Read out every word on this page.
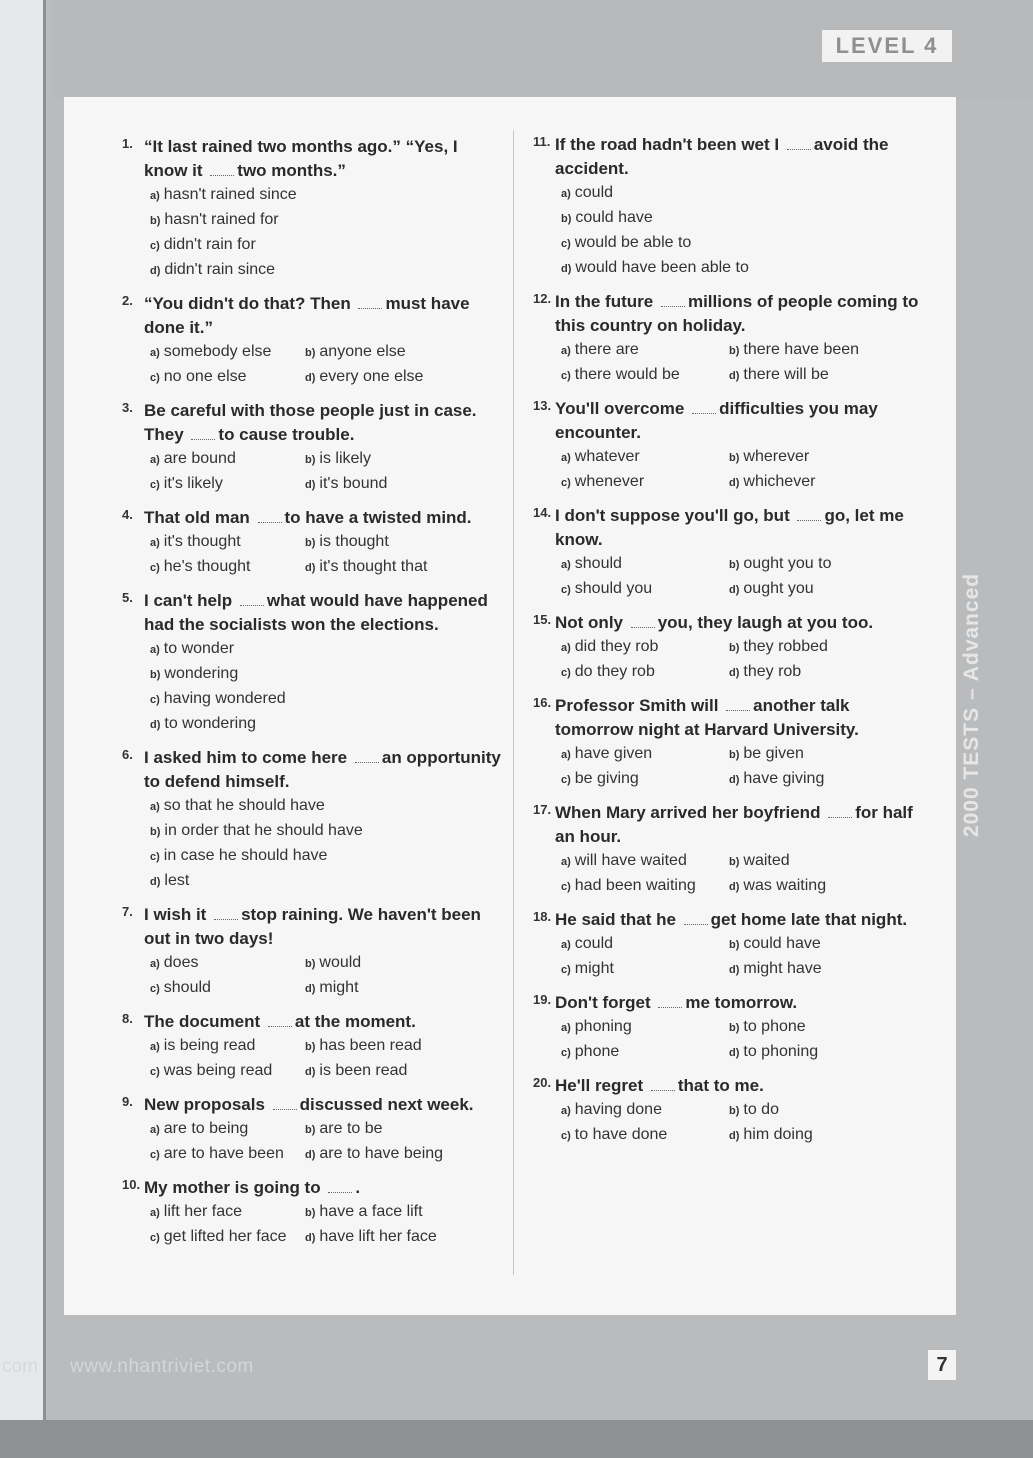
LEVEL 4
2000 TESTS – Advanced
1. “It last rained two months ago.” “Yes, I know it two months.”
a) hasn't rained since
b) hasn't rained for
c) didn't rain for
d) didn't rain since
2. “You didn't do that? Then must have done it.”
a) somebody else	b) anyone else
c) no one else	d) every one else
3. Be careful with those people just in case. They to cause trouble.
a) are bound	b) is likely
c) it's likely	d) it's bound
4. That old man to have a twisted mind.
a) it's thought	b) is thought
c) he's thought	d) it's thought that
5. I can't help what would have happened had the socialists won the elections.
a) to wonder
b) wondering
c) having wondered
d) to wondering
6. I asked him to come here an opportunity to defend himself.
a) so that he should have
b) in order that he should have
c) in case he should have
d) lest
7. I wish it stop raining. We haven't been out in two days!
a) does	b) would
c) should	d) might
8. The document at the moment.
a) is being read	b) has been read
c) was being read	d) is been read
9. New proposals discussed next week.
a) are to being	b) are to be
c) are to have been	d) are to have being
10. My mother is going to .
a) lift her face	b) have a face lift
c) get lifted her face	d) have lift her face
11. If the road hadn't been wet I avoid the accident.
a) could
b) could have
c) would be able to
d) would have been able to
12. In the future millions of people coming to this country on holiday.
a) there are	b) there have been
c) there would be	d) there will be
13. You'll overcome difficulties you may encounter.
a) whatever	b) wherever
c) whenever	d) whichever
14. I don't suppose you'll go, but go, let me know.
a) should	b) ought you to
c) should you	d) ought you
15. Not only you, they laugh at you too.
a) did they rob	b) they robbed
c) do they rob	d) they rob
16. Professor Smith will another talk tomorrow night at Harvard University.
a) have given	b) be given
c) be giving	d) have giving
17. When Mary arrived her boyfriend for half an hour.
a) will have waited	b) waited
c) had been waiting	d) was waiting
18. He said that he get home late that night.
a) could	b) could have
c) might	d) might have
19. Don't forget me tomorrow.
a) phoning	b) to phone
c) phone	d) to phoning
20. He'll regret that to me.
a) having done	b) to do
c) to have done	d) him doing
com www.nhantriviet.com	7
